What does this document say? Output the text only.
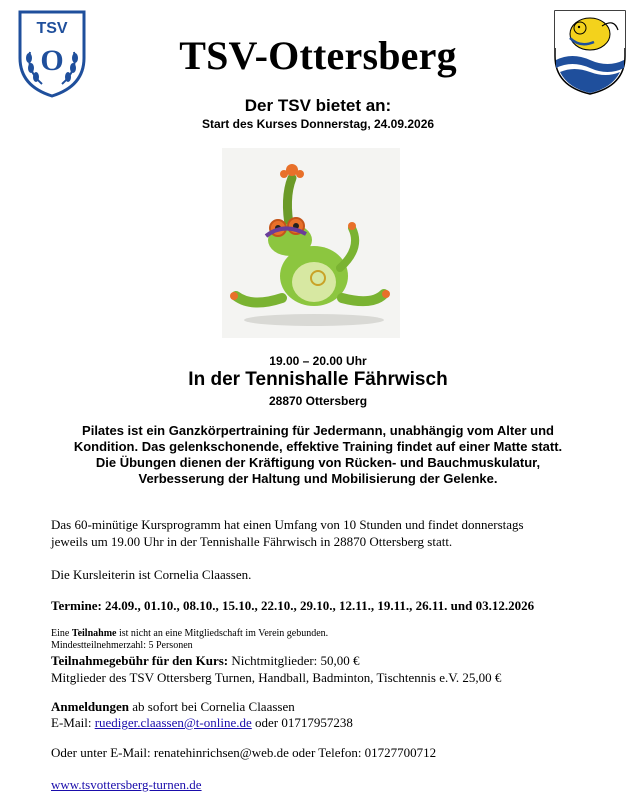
TSV
O	TSV-Ottersberg
Der TSV bietet an:
Start des Kurses Donnerstag, 24.09.2026
19.00 – 20.00 Uhr
In der Tennishalle Fährwisch
28870 Ottersberg
Pilates ist ein Ganzkörpertraining für Jedermann, unabhängig vom Alter und
Kondition. Das gelenkschonende, effektive Training findet auf einer Matte statt.
Die Übungen dienen der Kräftigung von Rücken- und Bauchmuskulatur,
Verbesserung der Haltung und Mobilisierung der Gelenke.
Das 60-minütige Kursprogramm hat einen Umfang von 10 Stunden und findet donnerstags
jeweils um 19.00 Uhr in der Tennishalle Fährwisch in 28870 Ottersberg statt.
Die Kursleiterin ist Cornelia Claassen.
Termine: 24.09., 01.10., 08.10., 15.10., 22.10., 29.10., 12.11., 19.11., 26.11. und 03.12.2026
Eine Teilnahme ist nicht an eine Mitgliedschaft im Verein gebunden.
Mindestteilnehmerzahl: 5 Personen
Teilnahmegebühr für den Kurs: Nichtmitglieder: 50,00 €
Mitglieder des TSV Ottersberg Turnen, Handball, Badminton, Tischtennis e.V. 25,00 €
Anmeldungen ab sofort bei Cornelia Claassen
E-Mail: ruediger.claassen@t-online.de oder 01717957238
Oder unter E-Mail: renatehinrichsen@web.de oder Telefon: 01727700712
www.tsvottersberg-turnen.de
